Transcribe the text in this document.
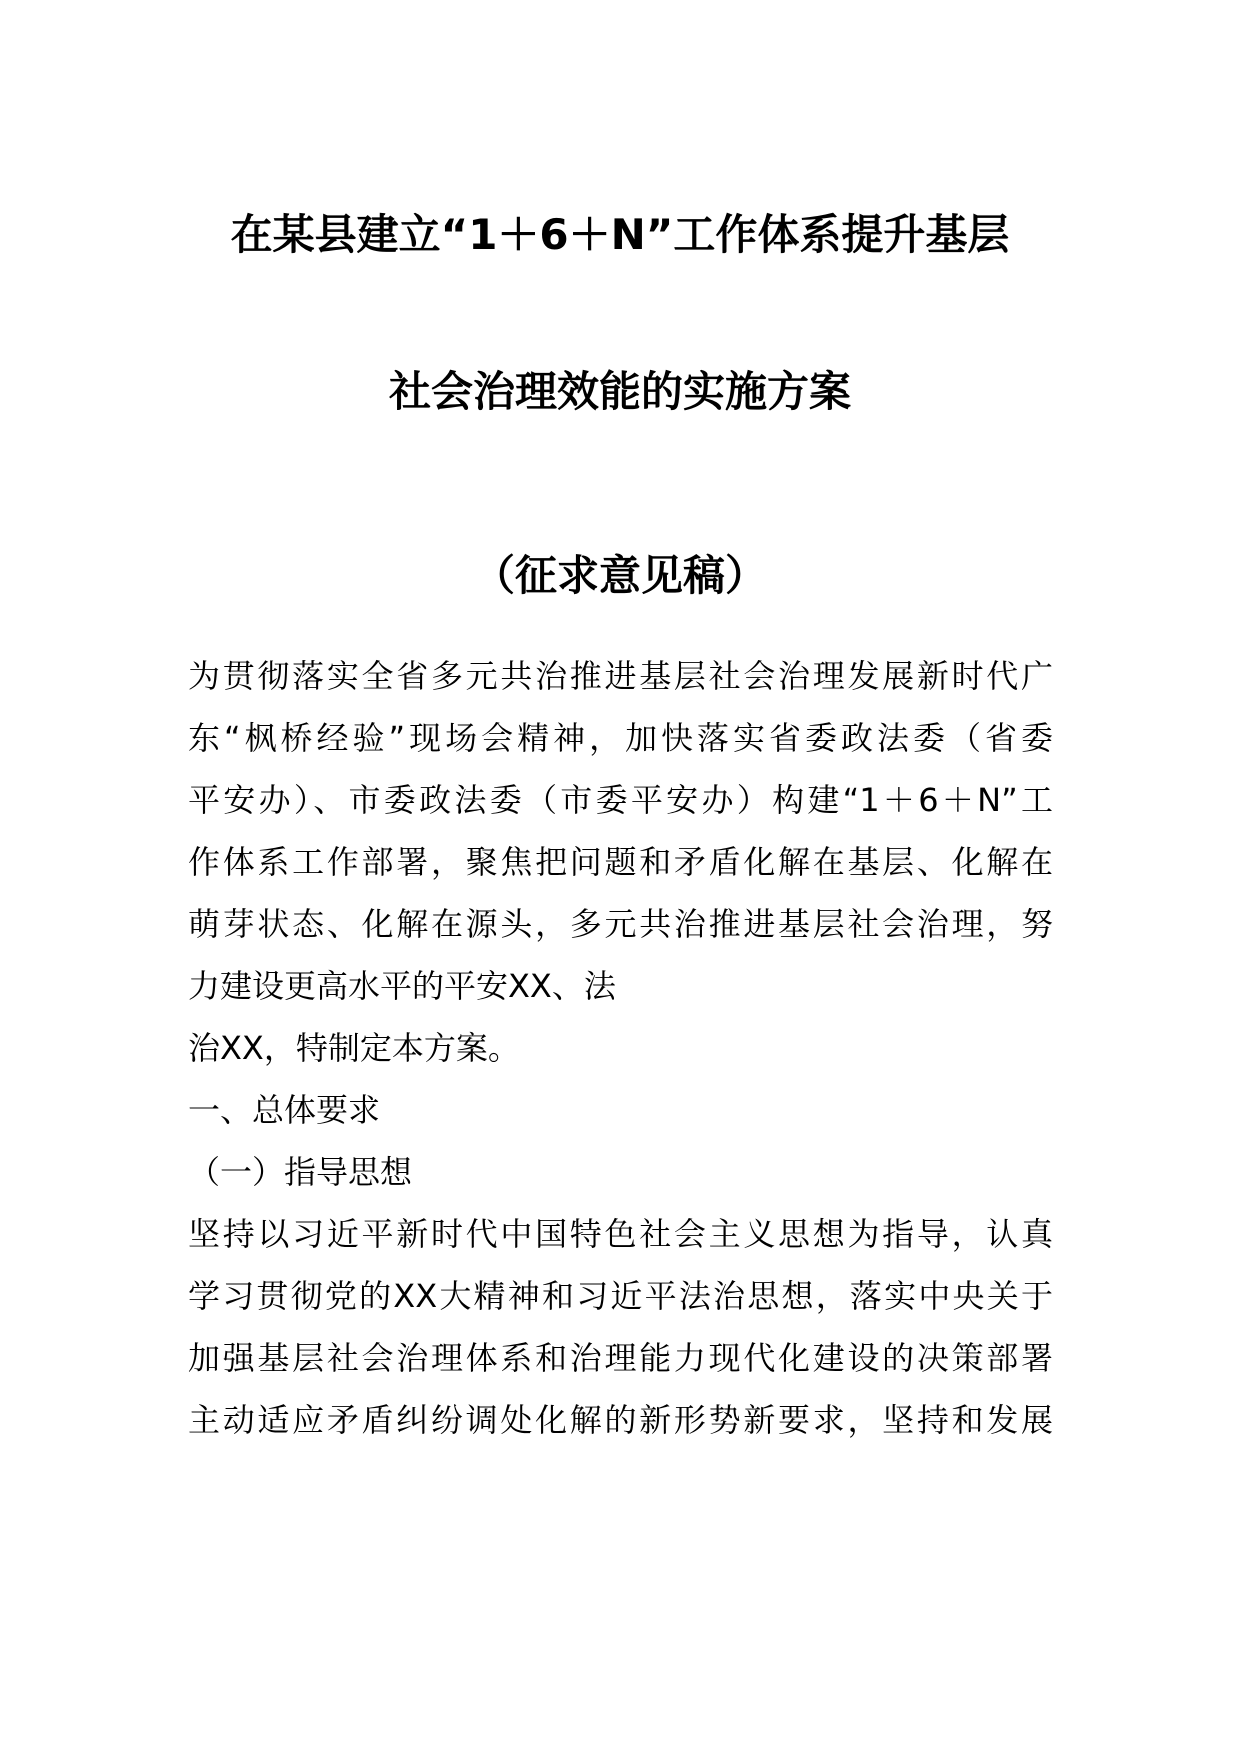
在某县建立“1＋6＋N”工作体系提升基层
社会治理效能的实施方案
（征求意见稿）
为贯彻落实全省多元共治推进基层社会治理发展新时代广
东“枫桥经验”现场会精神，加快落实省委政法委（省委
平安办）、市委政法委（市委平安办）构建“1＋6＋N”工
作体系工作部署，聚焦把问题和矛盾化解在基层、化解在
萌芽状态、化解在源头，多元共治推进基层社会治理，努
力建设更高水平的平安XX、法
治XX，特制定本方案。
一、总体要求
（一）指导思想
坚持以习近平新时代中国特色社会主义思想为指导，认真
学习贯彻党的XX大精神和习近平法治思想，落实中央关于
加强基层社会治理体系和治理能力现代化建设的决策部署
主动适应矛盾纠纷调处化解的新形势新要求，坚持和发展
